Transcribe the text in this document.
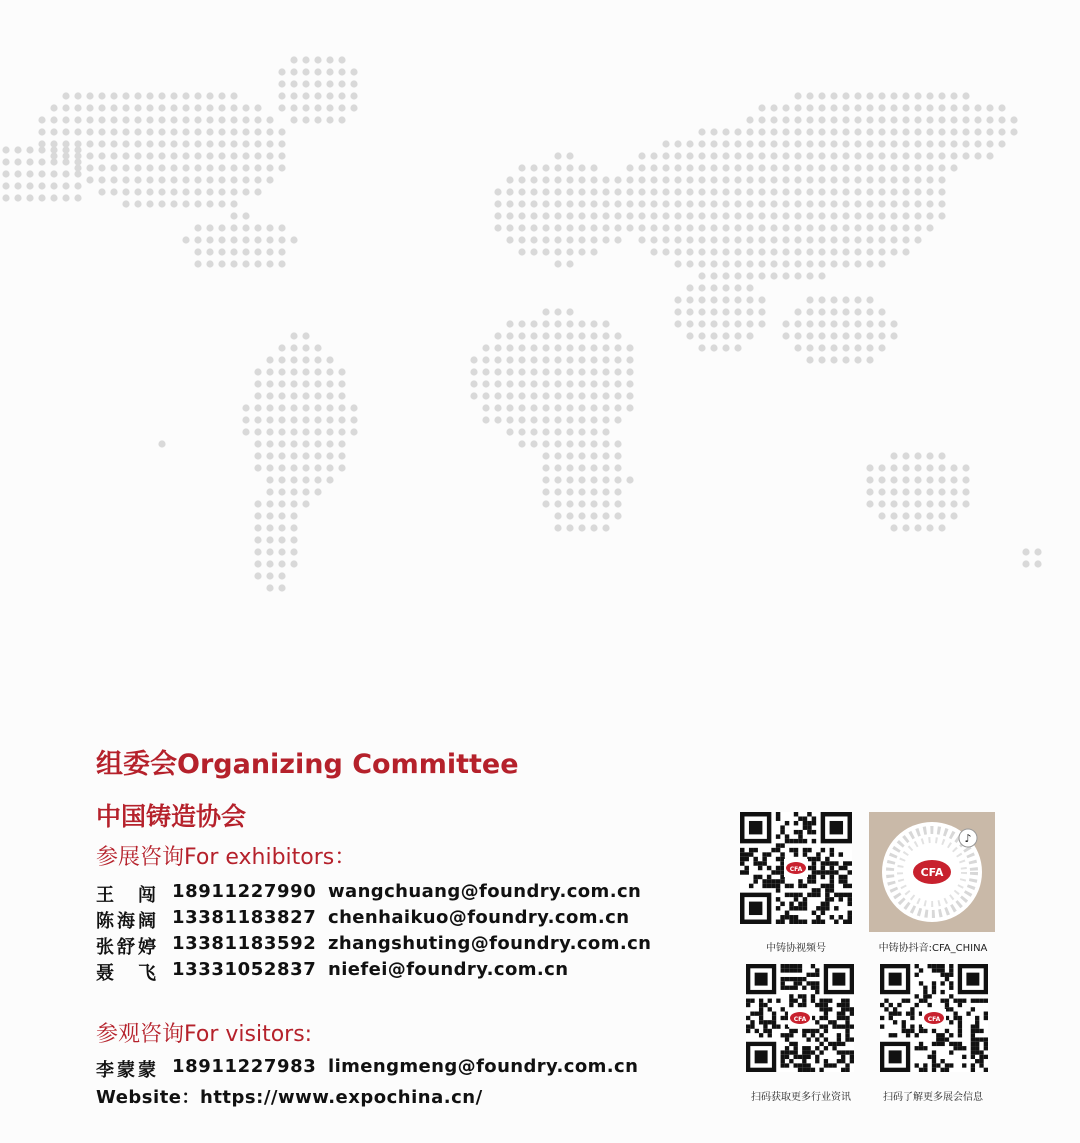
组委会Organizing Committee
中国铸造协会
参展咨询For exhibitors：
王 闯 18911227990 wangchuang@foundry.com.cn
陈海阔 13381183827 chenhaikuo@foundry.com.cn
张舒婷 13381183592 zhangshuting@foundry.com.cn
聂 飞 13331052837 niefei@foundry.com.cn
参观咨询For visitors:
李蒙蒙 18911227983 limengmeng@foundry.com.cn
Website：https://www.expochina.cn/
CFA
中铸协视频号
CFA
♪
中铸协抖音:CFA_CHINA
CFA
扫码获取更多行业资讯
CFA
扫码了解更多展会信息
